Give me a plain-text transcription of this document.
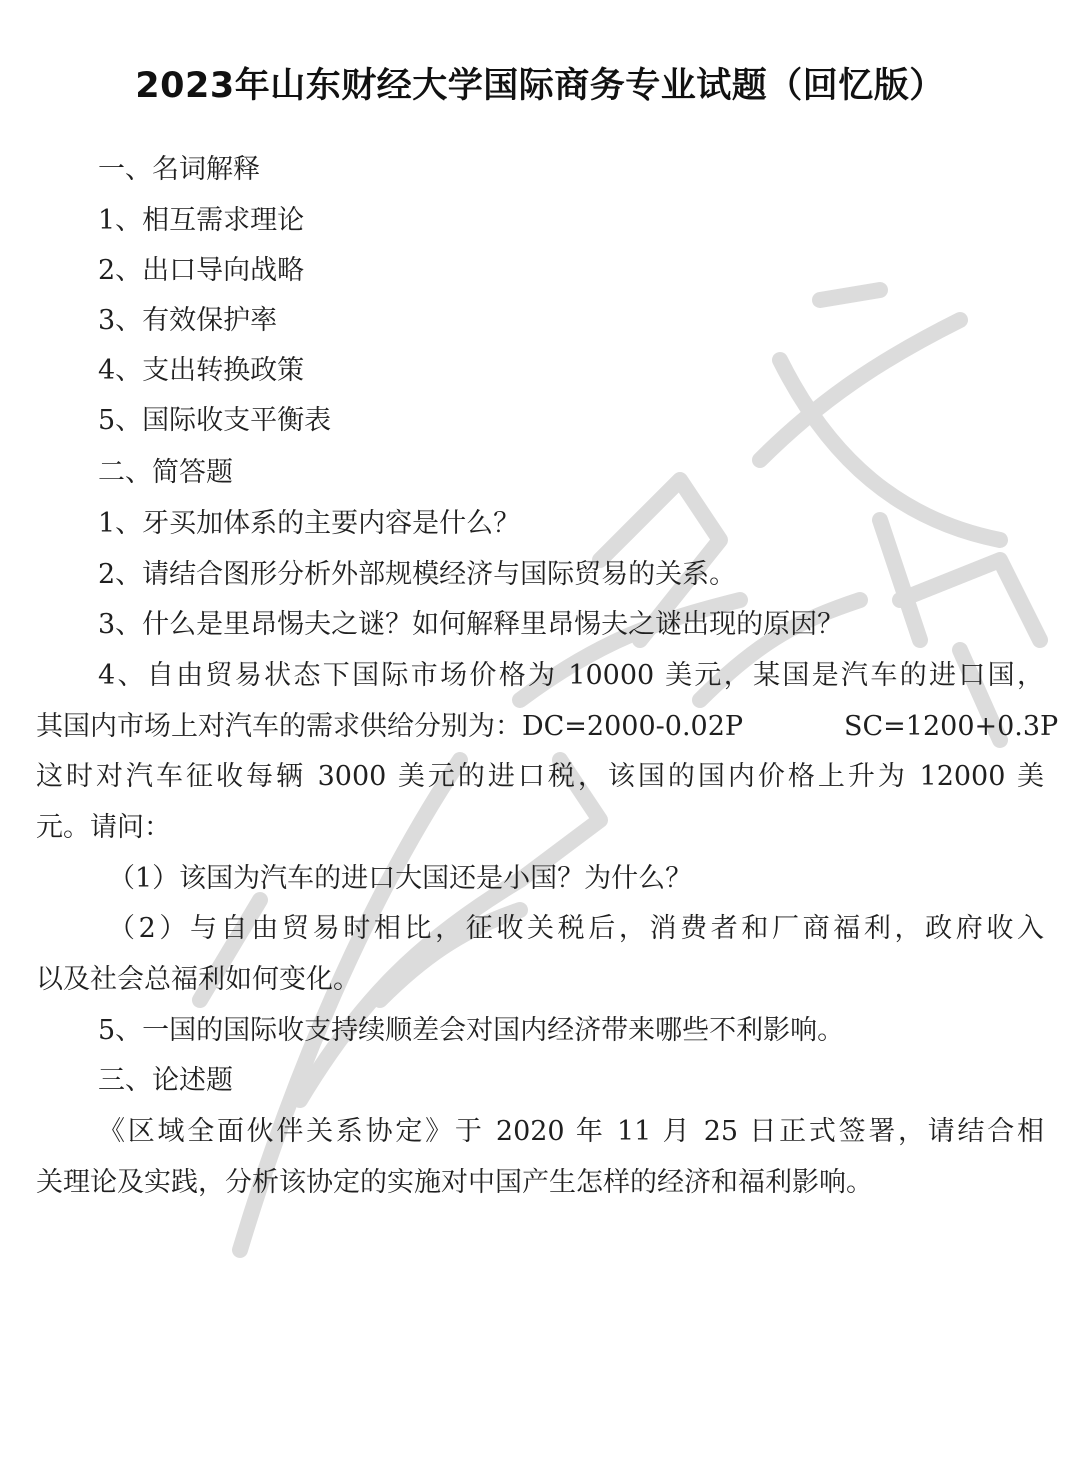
2023年山东财经大学国际商务专业试题（回忆版）
一、名词解释
1、相互需求理论
2、出口导向战略
3、有效保护率
4、支出转换政策
5、国际收支平衡表
二、简答题
1、牙买加体系的主要内容是什么？
2、请结合图形分析外部规模经济与国际贸易的关系。
3、什么是里昂惕夫之谜？如何解释里昂惕夫之谜出现的原因？
4、自由贸易状态下国际市场价格为 10000 美元，某国是汽车的进口国，
其国内市场上对汽车的需求供给分别为：DC=2000-0.02P	SC=1200+0.3P
这时对汽车征收每辆 3000 美元的进口税，该国的国内价格上升为 12000 美
元。请问：
（1）该国为汽车的进口大国还是小国？为什么？
（2）与自由贸易时相比，征收关税后，消费者和厂商福利，政府收入
以及社会总福利如何变化。
5、一国的国际收支持续顺差会对国内经济带来哪些不利影响。
三、论述题
《区域全面伙伴关系协定》于 2020 年 11 月 25 日正式签署，请结合相
关理论及实践，分析该协定的实施对中国产生怎样的经济和福利影响。
